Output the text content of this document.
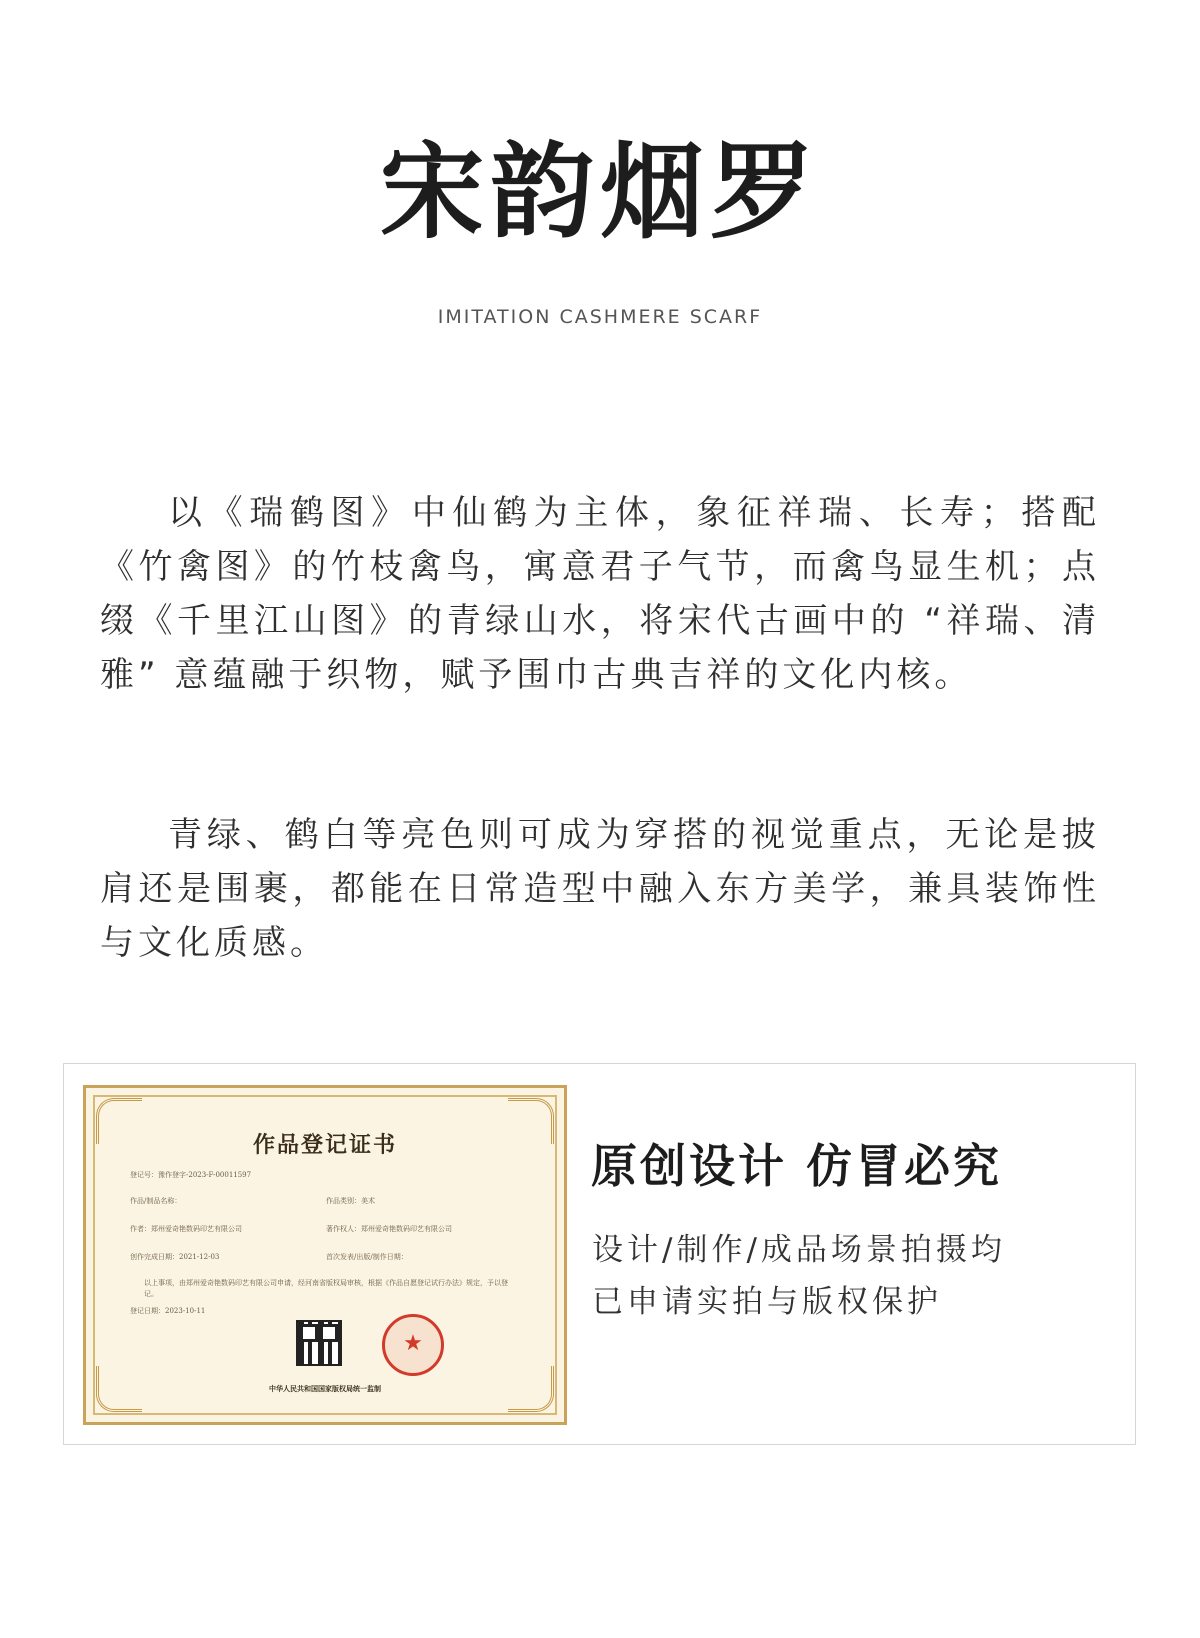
宋韵烟罗
IMITATION CASHMERE SCARF

以《瑞鹤图》中仙鹤为主体，象征祥瑞、长寿；搭配《竹禽图》的竹枝禽鸟，寓意君子气节，而禽鸟显生机；点缀《千里江山图》的青绿山水，将宋代古画中的 “祥瑞、清雅” 意蕴融于织物，赋予围巾古典吉祥的文化内核。

青绿、鹤白等亮色则可成为穿搭的视觉重点，无论是披肩还是围裹，都能在日常造型中融入东方美学，兼具装饰性与文化质感。

作品登记证书
登记号：豫作登字-2023-F-00011597
作品/制品名称：	作品类别：美术
作者：郑州爱奇艳数码印艺有限公司	著作权人：郑州爱奇艳数码印艺有限公司
创作完成日期：2021-12-03	首次发表/出版/制作日期：
以上事项，由郑州爱奇艳数码印艺有限公司申请，经河南省版权局审核，根据《作品自愿登记试行办法》规定，予以登记。
登记日期：2023-10-11
★
中华人民共和国国家版权局统一监制
原创设计 仿冒必究
设计/制作/成品场景拍摄均
已申请实拍与版权保护
